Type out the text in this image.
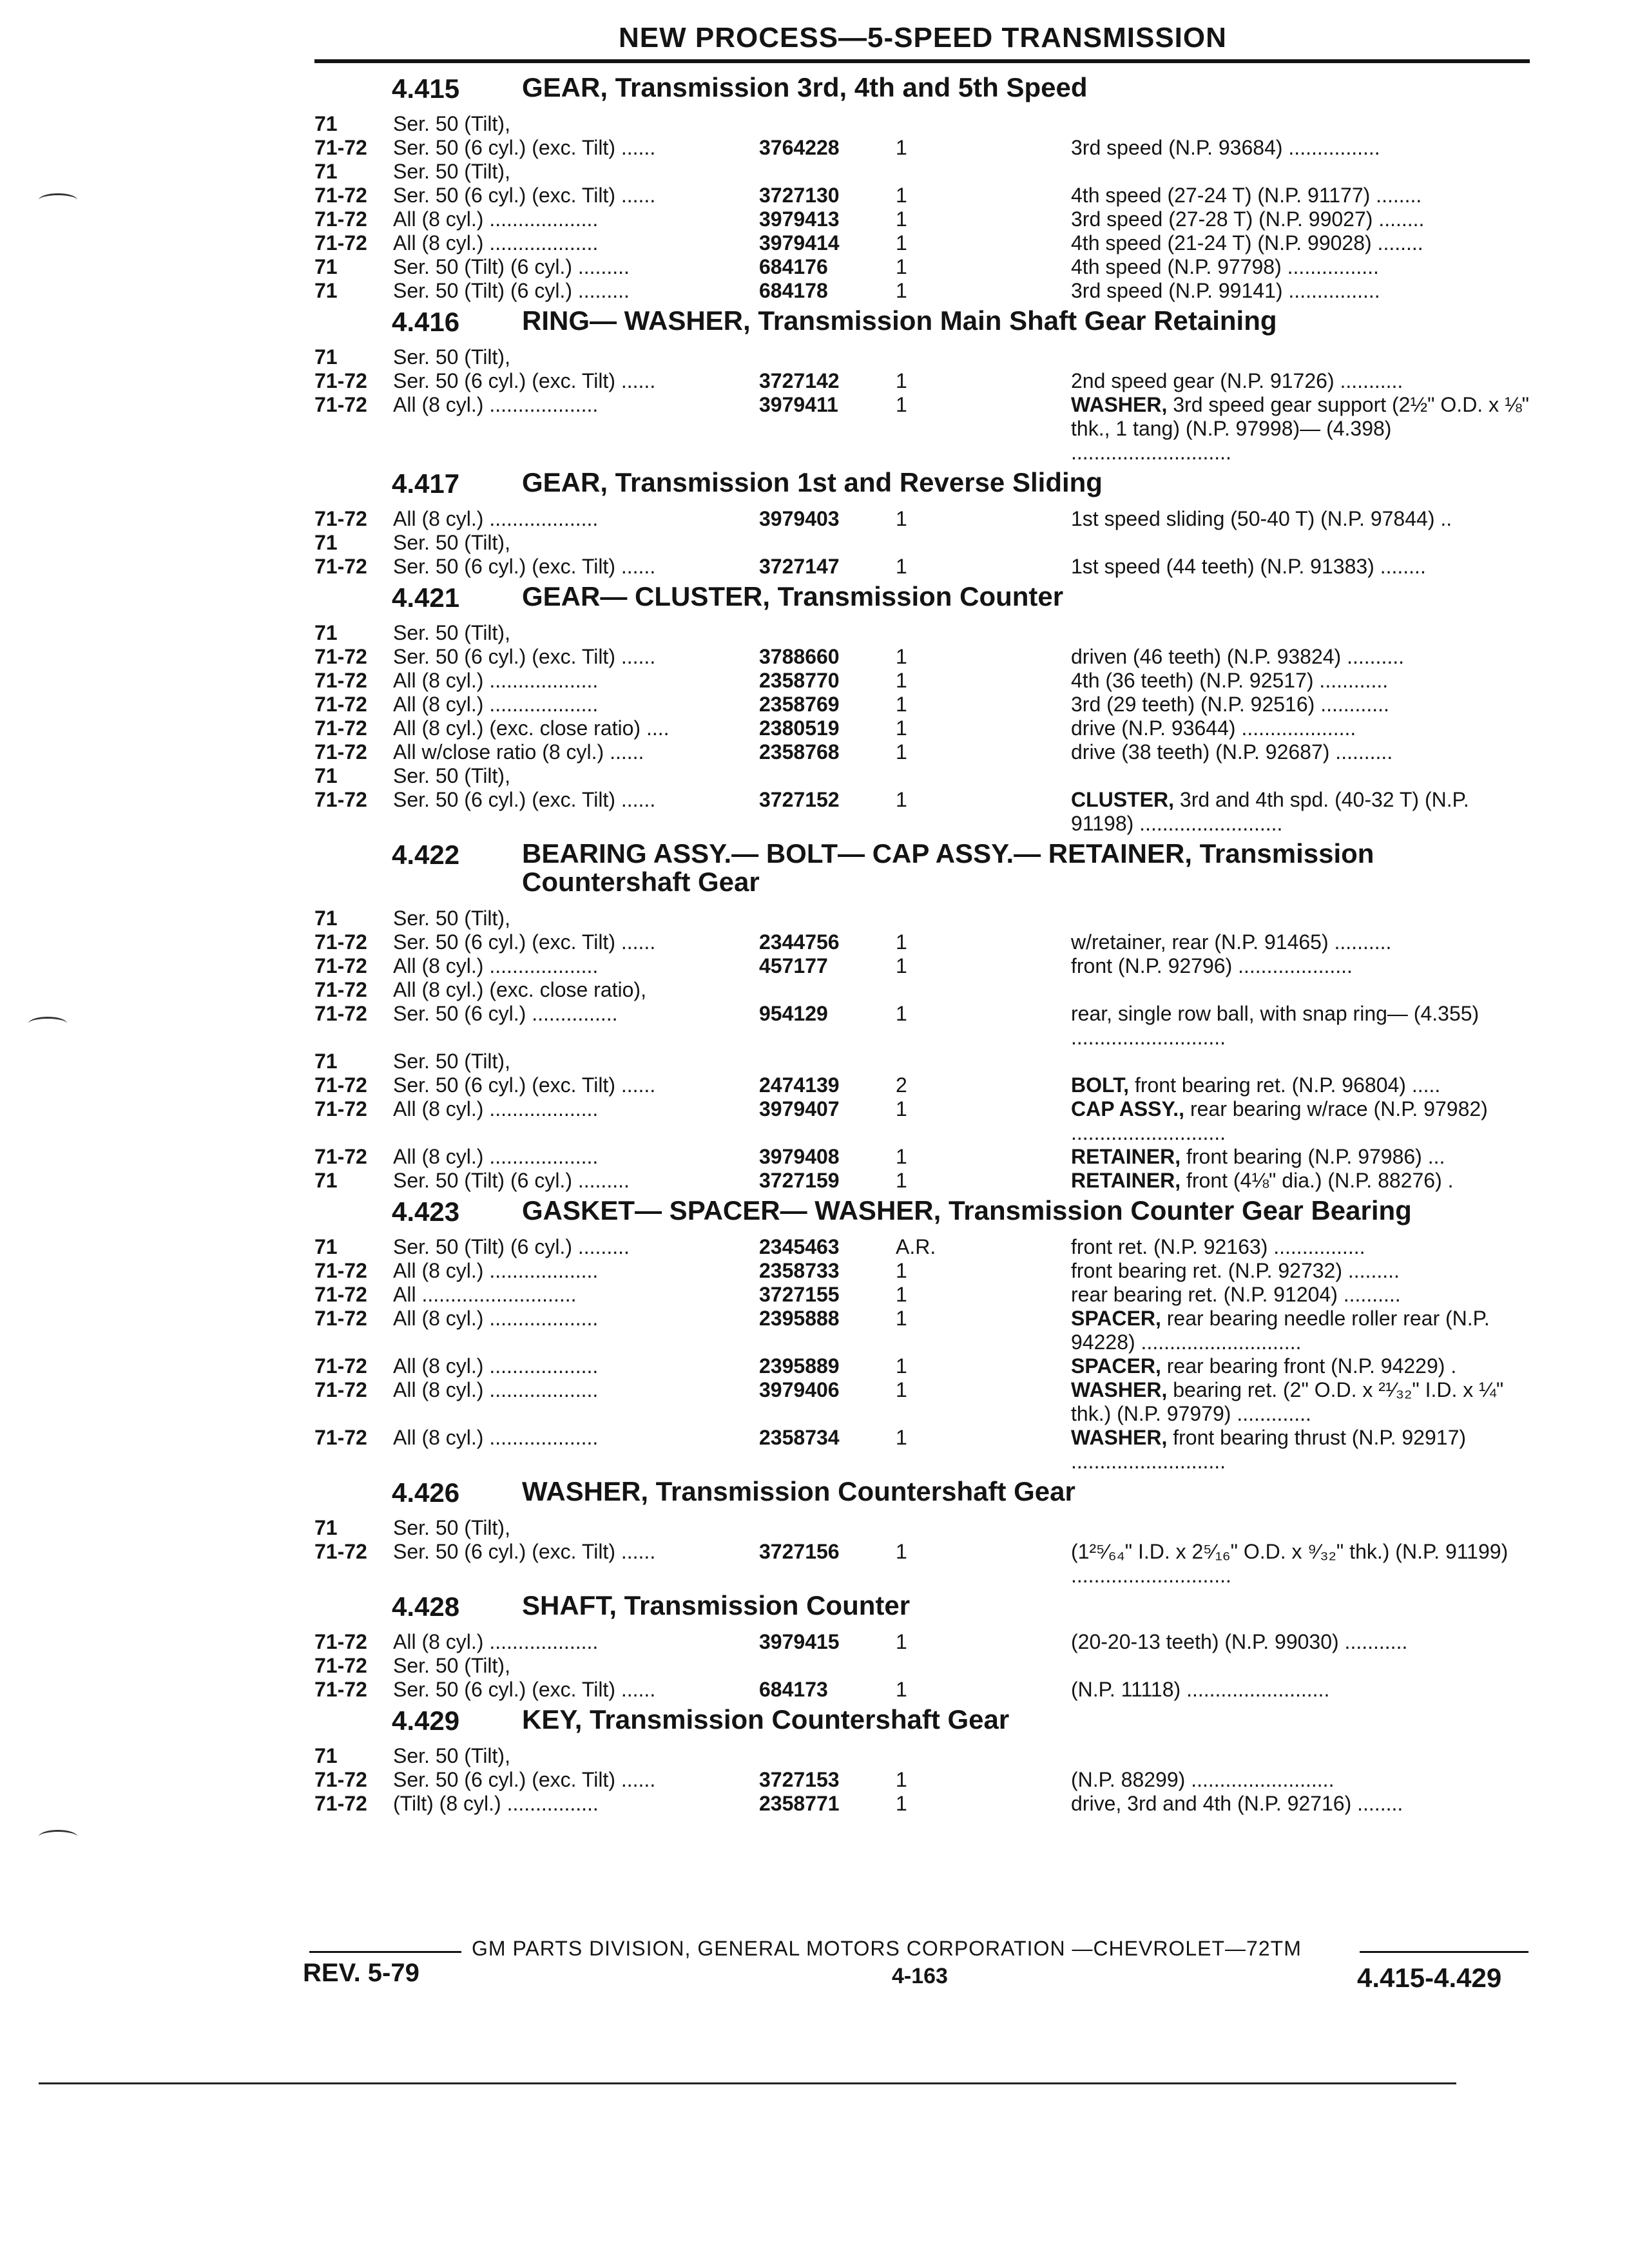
NEW PROCESS—5-SPEED TRANSMISSION
4.415 GEAR, Transmission 3rd, 4th and 5th Speed
71	Ser. 50 (Tilt),
71-72 Ser. 50 (6 cyl.) (exc. Tilt) ......	3764228	1	3rd speed (N.P. 93684) ................
71	Ser. 50 (Tilt),
71-72 Ser. 50 (6 cyl.) (exc. Tilt) ......	3727130	1	4th speed (27-24 T) (N.P. 91177) ........
71-72 All (8 cyl.) ...................	3979413	1	3rd speed (27-28 T) (N.P. 99027) ........
71-72 All (8 cyl.) ...................	3979414	1	4th speed (21-24 T) (N.P. 99028) ........
71	Ser. 50 (Tilt) (6 cyl.) .........	684176	1	4th speed (N.P. 97798) ................
71	Ser. 50 (Tilt) (6 cyl.) .........	684178	1	3rd speed (N.P. 99141) ................
4.416 RING— WASHER, Transmission Main Shaft Gear Retaining
71	Ser. 50 (Tilt),
71-72 Ser. 50 (6 cyl.) (exc. Tilt) ......	3727142	1	2nd speed gear (N.P. 91726) ...........
71-72 All (8 cyl.) ...................	3979411	1	WASHER, 3rd speed gear support (2½" O.D. x ⅛" thk., 1 tang) (N.P. 97998)— (4.398) ............................
4.417 GEAR, Transmission 1st and Reverse Sliding
71-72 All (8 cyl.) ...................	3979403	1	1st speed sliding (50-40 T) (N.P. 97844) ..
71	Ser. 50 (Tilt),
71-72 Ser. 50 (6 cyl.) (exc. Tilt) ......	3727147	1	1st speed (44 teeth) (N.P. 91383) ........
4.421 GEAR— CLUSTER, Transmission Counter
71	Ser. 50 (Tilt),
71-72 Ser. 50 (6 cyl.) (exc. Tilt) ......	3788660	1	driven (46 teeth) (N.P. 93824) ..........
71-72 All (8 cyl.) ...................	2358770	1	4th (36 teeth) (N.P. 92517) ............
71-72 All (8 cyl.) ...................	2358769	1	3rd (29 teeth) (N.P. 92516) ............
71-72 All (8 cyl.) (exc. close ratio) ....	2380519	1	drive (N.P. 93644) ....................
71-72 All w/close ratio (8 cyl.) ......	2358768	1	drive (38 teeth) (N.P. 92687) ..........
71	Ser. 50 (Tilt),
71-72 Ser. 50 (6 cyl.) (exc. Tilt) ......	3727152	1	CLUSTER, 3rd and 4th spd. (40-32 T) (N.P. 91198) .........................
4.422 BEARING ASSY.— BOLT— CAP ASSY.— RETAINER, Transmission Countershaft Gear
71	Ser. 50 (Tilt),
71-72 Ser. 50 (6 cyl.) (exc. Tilt) ......	2344756	1	w/retainer, rear (N.P. 91465) ..........
71-72 All (8 cyl.) ...................	457177	1	front (N.P. 92796) ....................
71-72 All (8 cyl.) (exc. close ratio),
71-72 Ser. 50 (6 cyl.) ...............	954129	1	rear, single row ball, with snap ring— (4.355) ...........................
71	Ser. 50 (Tilt),
71-72 Ser. 50 (6 cyl.) (exc. Tilt) ......	2474139	2	BOLT, front bearing ret. (N.P. 96804) .....
71-72 All (8 cyl.) ...................	3979407	1	CAP ASSY., rear bearing w/race (N.P. 97982) ...........................
71-72 All (8 cyl.) ...................	3979408	1	RETAINER, front bearing (N.P. 97986) ...
71	Ser. 50 (Tilt) (6 cyl.) .........	3727159	1	RETAINER, front (4⅛" dia.) (N.P. 88276) .
4.423 GASKET— SPACER— WASHER, Transmission Counter Gear Bearing
71	Ser. 50 (Tilt) (6 cyl.) .........	2345463	A.R.	front ret. (N.P. 92163) ................
71-72 All (8 cyl.) ...................	2358733	1	front bearing ret. (N.P. 92732) .........
71-72 All ...........................	3727155	1	rear bearing ret. (N.P. 91204) ..........
71-72 All (8 cyl.) ...................	2395888	1	SPACER, rear bearing needle roller rear (N.P. 94228) ............................
71-72 All (8 cyl.) ...................	2395889	1	SPACER, rear bearing front (N.P. 94229) .
71-72 All (8 cyl.) ...................	3979406	1	WASHER, bearing ret. (2" O.D. x ²¹⁄₃₂" I.D. x ¼" thk.) (N.P. 97979) .............
71-72 All (8 cyl.) ...................	2358734	1	WASHER, front bearing thrust (N.P. 92917) ...........................
4.426 WASHER, Transmission Countershaft Gear
71	Ser. 50 (Tilt),
71-72 Ser. 50 (6 cyl.) (exc. Tilt) ......	3727156	1	(1²⁵⁄₆₄" I.D. x 2⁵⁄₁₆" O.D. x ⁹⁄₃₂" thk.) (N.P. 91199) ............................
4.428 SHAFT, Transmission Counter
71-72 All (8 cyl.) ...................	3979415	1	(20-20-13 teeth) (N.P. 99030) ...........
71-72 Ser. 50 (Tilt),
71-72 Ser. 50 (6 cyl.) (exc. Tilt) ......	684173	1	(N.P. 11118) .........................
4.429 KEY, Transmission Countershaft Gear
71	Ser. 50 (Tilt),
71-72 Ser. 50 (6 cyl.) (exc. Tilt) ......	3727153	1	(N.P. 88299) .........................
71-72 (Tilt) (8 cyl.) ................	2358771	1	drive, 3rd and 4th (N.P. 92716) ........
GM PARTS DIVISION, GENERAL MOTORS CORPORATION —CHEVROLET—72TM
REV. 5-79	4-163	4.415-4.429
